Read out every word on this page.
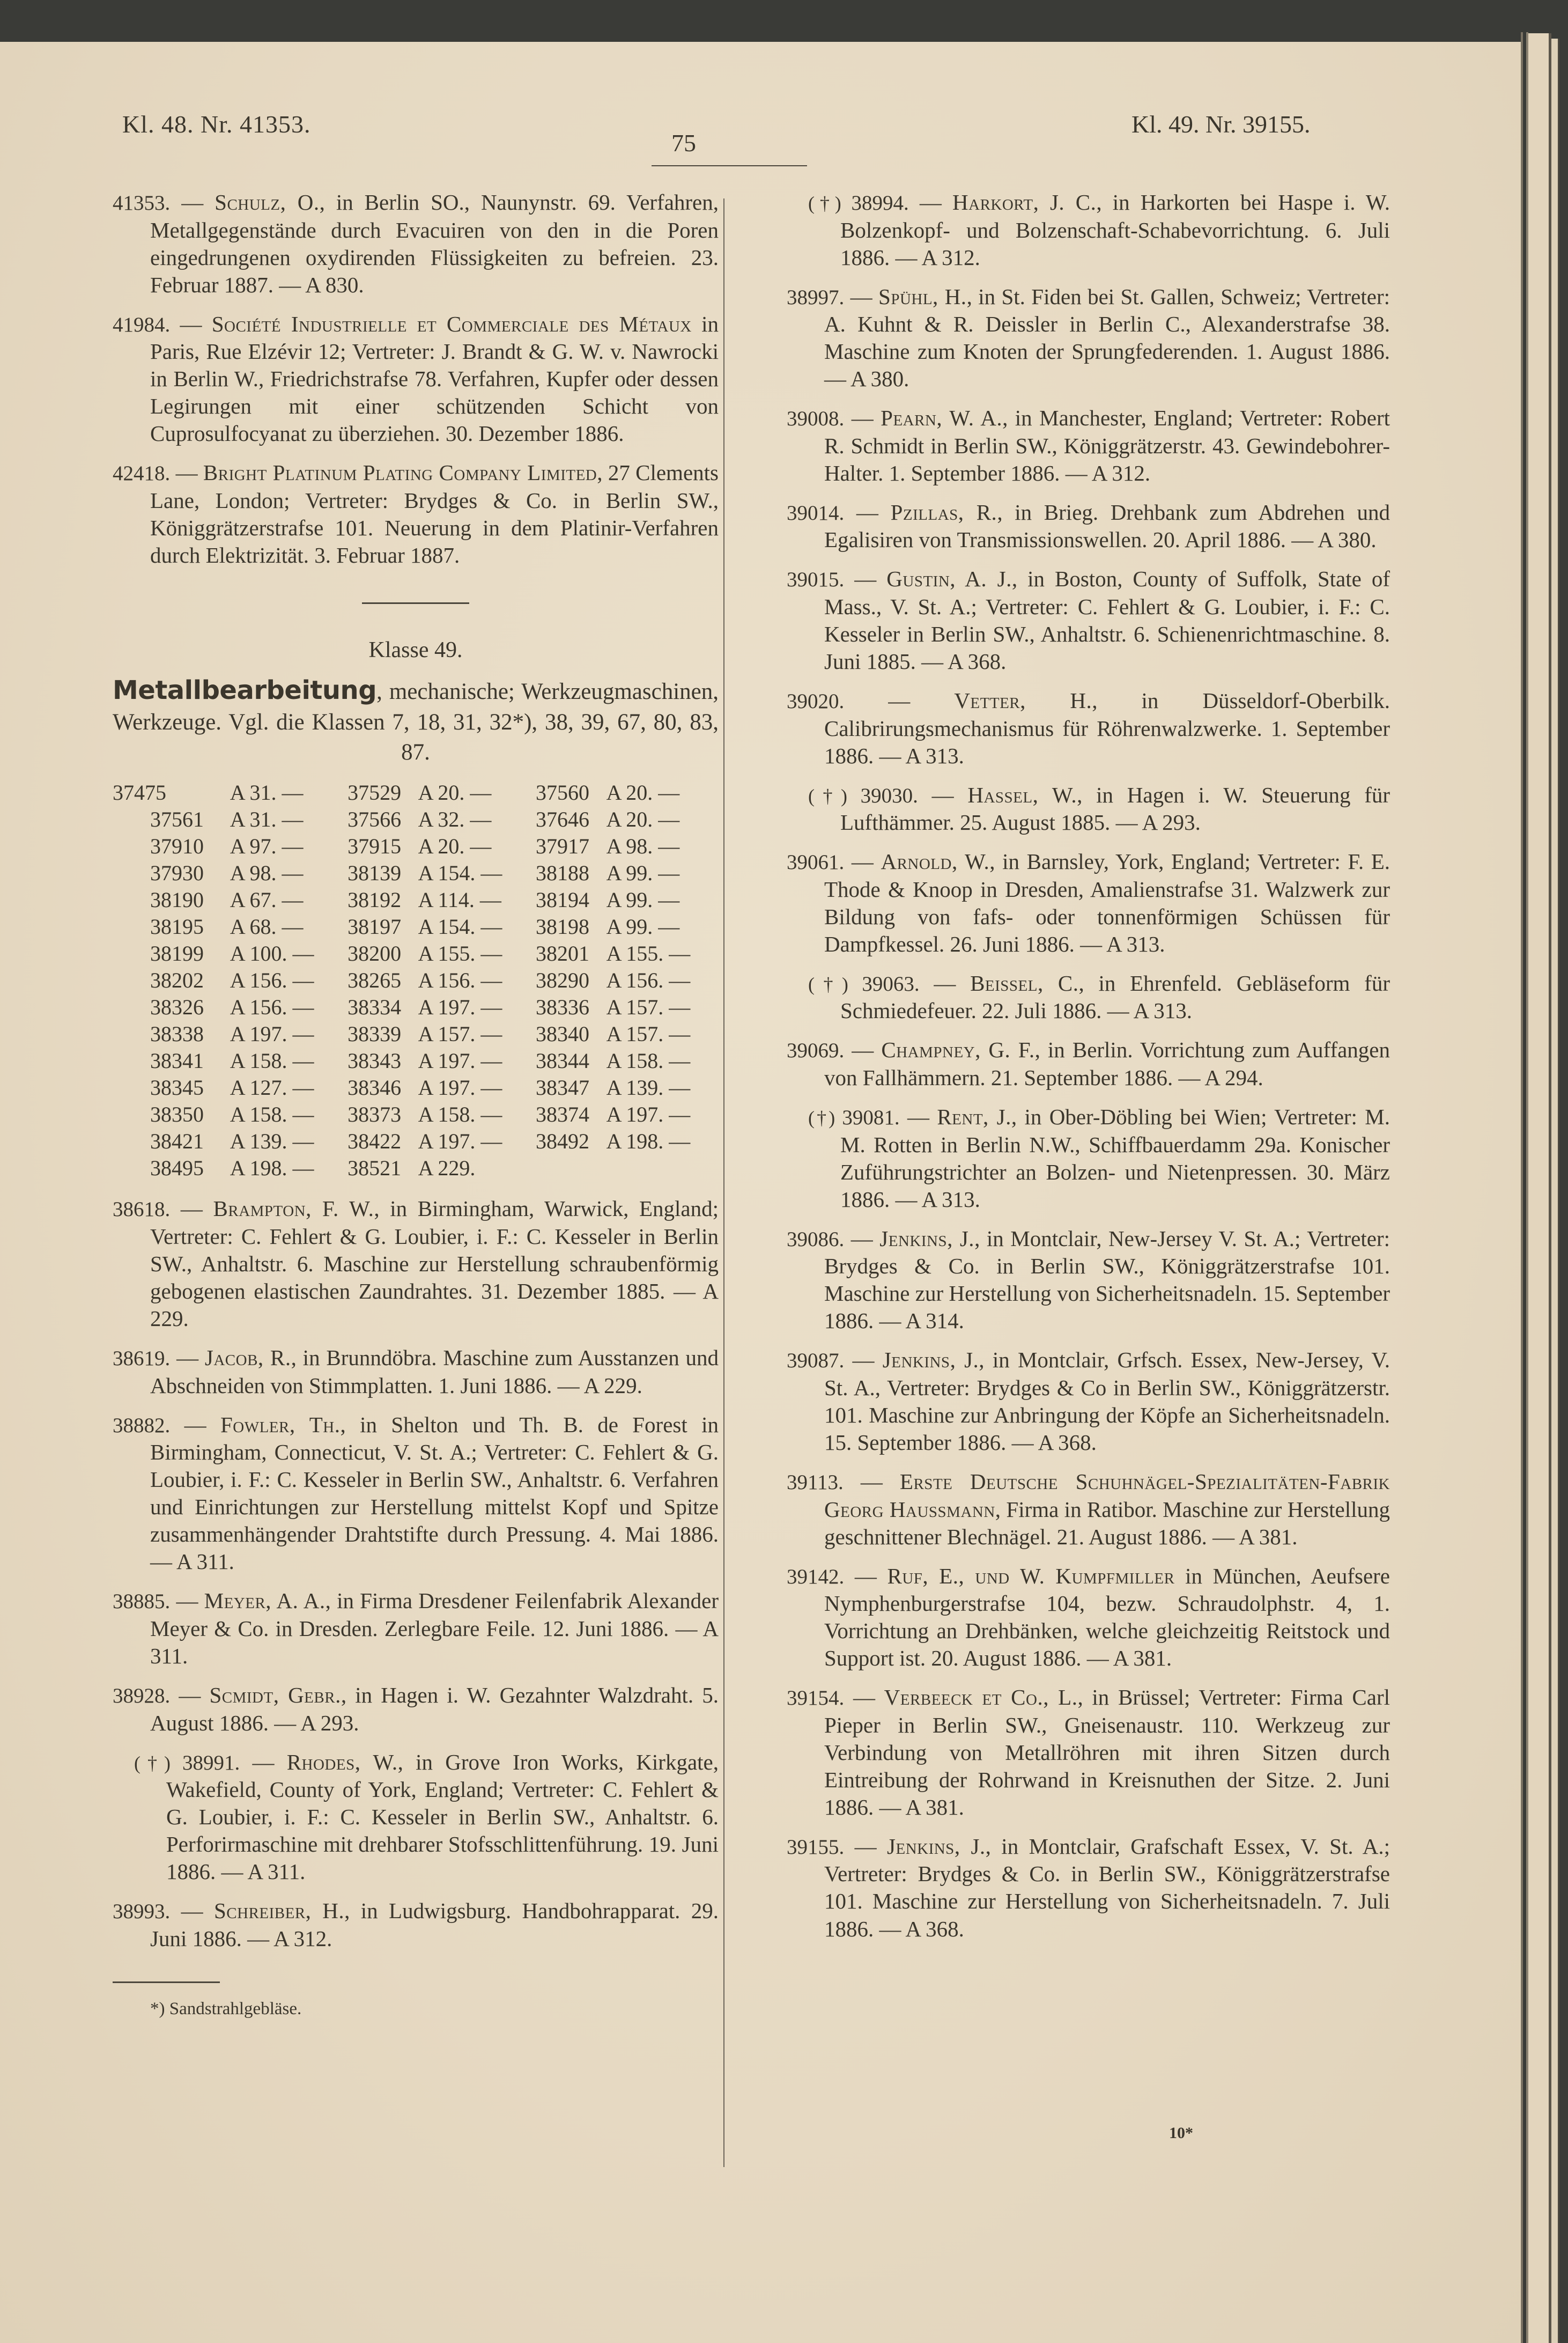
Kl. 48. Nr. 41353.
75
Kl. 49. Nr. 39155.

41353. — Schulz, O., in Berlin SO., Naunynstr. 69. Verfahren, Metallgegenstände durch Evacuiren von den in die Poren eingedrungenen oxydirenden Flüssigkeiten zu befreien. 23. Februar 1887. — A 830.

41984. — Société Industrielle et Commerciale des Métaux in Paris, Rue Elzévir 12; Vertreter: J. Brandt & G. W. v. Nawrocki in Berlin W., Friedrichstrafse 78. Verfahren, Kupfer oder dessen Legirungen mit einer schützenden Schicht von Cuprosulfocyanat zu überziehen. 30. Dezember 1886.

42418. — Bright Platinum Plating Company Limited, 27 Clements Lane, London; Vertreter: Brydges & Co. in Berlin SW., Königgrätzerstrafse 101. Neuerung in dem Platinir-Verfahren durch Elektrizität. 3. Februar 1887.

Klasse 49.
Metallbearbeitung, mechanische; Werkzeugmaschinen, Werkzeuge. Vgl. die Klassen 7, 18, 31, 32*), 38, 39, 67, 80, 83, 87.
37475	A 31. —	37529	A 20. —	37560	A 20. —
37561	A 31. —	37566	A 32. —	37646	A 20. —
37910	A 97. —	37915	A 20. —	37917	A 98. —
37930	A 98. —	38139	A 154. —	38188	A 99. —
38190	A 67. —	38192	A 114. —	38194	A 99. —
38195	A 68. —	38197	A 154. —	38198	A 99. —
38199	A 100. —	38200	A 155. —	38201	A 155. —
38202	A 156. —	38265	A 156. —	38290	A 156. —
38326	A 156. —	38334	A 197. —	38336	A 157. —
38338	A 197. —	38339	A 157. —	38340	A 157. —
38341	A 158. —	38343	A 197. —	38344	A 158. —
38345	A 127. —	38346	A 197. —	38347	A 139. —
38350	A 158. —	38373	A 158. —	38374	A 197. —
38421	A 139. —	38422	A 197. —	38492	A 198. —
38495	A 198. —	38521	A 229.		

38618. — Brampton, F. W., in Birmingham, Warwick, England; Vertreter: C. Fehlert & G. Loubier, i. F.: C. Kesseler in Berlin SW., Anhaltstr. 6. Maschine zur Herstellung schraubenförmig gebogenen elastischen Zaundrahtes. 31. Dezember 1885. — A 229.

38619. — Jacob, R., in Brunndöbra. Maschine zum Ausstanzen und Abschneiden von Stimmplatten. 1. Juni 1886. — A 229.

38882. — Fowler, Th., in Shelton und Th. B. de Forest in Birmingham, Connecticut, V. St. A.; Vertreter: C. Fehlert & G. Loubier, i. F.: C. Kesseler in Berlin SW., Anhaltstr. 6. Verfahren und Einrichtungen zur Herstellung mittelst Kopf und Spitze zusammenhängender Drahtstifte durch Pressung. 4. Mai 1886. — A 311.

38885. — Meyer, A. A., in Firma Dresdener Feilenfabrik Alexander Meyer & Co. in Dresden. Zerlegbare Feile. 12. Juni 1886. — A 311.

38928. — Scmidt, Gebr., in Hagen i. W. Gezahnter Walzdraht. 5. August 1886. — A 293.

(†) 38991. — Rhodes, W., in Grove Iron Works, Kirkgate, Wakefield, County of York, England; Vertreter: C. Fehlert & G. Loubier, i. F.: C. Kesseler in Berlin SW., Anhaltstr. 6. Perforirmaschine mit drehbarer Stofsschlittenführung. 19. Juni 1886. — A 311.

38993. — Schreiber, H., in Ludwigsburg. Handbohrapparat. 29. Juni 1886. — A 312.

*) Sandstrahlgebläse.

(†) 38994. — Harkort, J. C., in Harkorten bei Haspe i. W. Bolzenkopf- und Bolzenschaft-Schabevorrichtung. 6. Juli 1886. — A 312.

38997. — Spühl, H., in St. Fiden bei St. Gallen, Schweiz; Vertreter: A. Kuhnt & R. Deissler in Berlin C., Alexanderstrafse 38. Maschine zum Knoten der Sprungfederenden. 1. August 1886. — A 380.

39008. — Pearn, W. A., in Manchester, England; Vertreter: Robert R. Schmidt in Berlin SW., Königgrätzerstr. 43. Gewindebohrer-Halter. 1. September 1886. — A 312.

39014. — Pzillas, R., in Brieg. Drehbank zum Abdrehen und Egalisiren von Transmissionswellen. 20. April 1886. — A 380.

39015. — Gustin, A. J., in Boston, County of Suffolk, State of Mass., V. St. A.; Vertreter: C. Fehlert & G. Loubier, i. F.: C. Kesseler in Berlin SW., Anhaltstr. 6. Schienenrichtmaschine. 8. Juni 1885. — A 368.

39020. — Vetter, H., in Düsseldorf-Oberbilk. Calibrirungsmechanismus für Röhrenwalzwerke. 1. September 1886. — A 313.

(†) 39030. — Hassel, W., in Hagen i. W. Steuerung für Lufthämmer. 25. August 1885. — A 293.

39061. — Arnold, W., in Barnsley, York, England; Vertreter: F. E. Thode & Knoop in Dresden, Amalienstrafse 31. Walzwerk zur Bildung von fafs- oder tonnenförmigen Schüssen für Dampfkessel. 26. Juni 1886. — A 313.

(†) 39063. — Beissel, C., in Ehrenfeld. Gebläseform für Schmiedefeuer. 22. Juli 1886. — A 313.

39069. — Champney, G. F., in Berlin. Vorrichtung zum Auffangen von Fallhämmern. 21. September 1886. — A 294.

(†) 39081. — Rent, J., in Ober-Döbling bei Wien; Vertreter: M. M. Rotten in Berlin N.W., Schiffbauerdamm 29a. Konischer Zuführungstrichter an Bolzen- und Nietenpressen. 30. März 1886. — A 313.

39086. — Jenkins, J., in Montclair, New-Jersey V. St. A.; Vertreter: Brydges & Co. in Berlin SW., Königgrätzerstrafse 101. Maschine zur Herstellung von Sicherheitsnadeln. 15. September 1886. — A 314.

39087. — Jenkins, J., in Montclair, Grfsch. Essex, New-Jersey, V. St. A., Vertreter: Brydges & Co in Berlin SW., Königgrätzerstr. 101. Maschine zur Anbringung der Köpfe an Sicherheitsnadeln. 15. September 1886. — A 368.

39113. — Erste Deutsche Schuhnägel-Spezialitäten-Fabrik Georg Haussmann, Firma in Ratibor. Maschine zur Herstellung geschnittener Blechnägel. 21. August 1886. — A 381.

39142. — Ruf, E., und W. Kumpfmiller in München, Aeufsere Nymphenburgerstrafse 104, bezw. Schraudolphstr. 4, 1. Vorrichtung an Drehbänken, welche gleichzeitig Reitstock und Support ist. 20. August 1886. — A 381.

39154. — Verbeeck et Co., L., in Brüssel; Vertreter: Firma Carl Pieper in Berlin SW., Gneisenaustr. 110. Werkzeug zur Verbindung von Metallröhren mit ihren Sitzen durch Eintreibung der Rohrwand in Kreisnuthen der Sitze. 2. Juni 1886. — A 381.

39155. — Jenkins, J., in Montclair, Grafschaft Essex, V. St. A.; Vertreter: Brydges & Co. in Berlin SW., Königgrätzerstrafse 101. Maschine zur Herstellung von Sicherheitsnadeln. 7. Juli 1886. — A 368.

10*
